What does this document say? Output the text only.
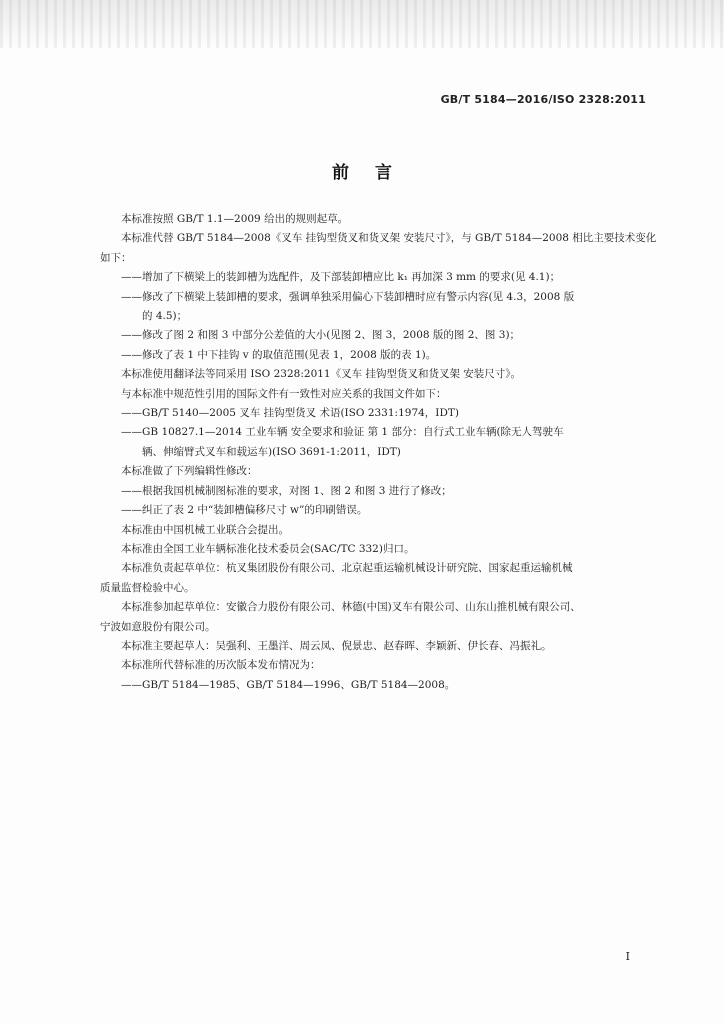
GB/T 5184—2016/ISO 2328:2011
前言

本标准按照 GB/T 1.1—2009 给出的规则起草。

本标准代替 GB/T 5184—2008《叉车 挂钩型货叉和货叉架 安装尺寸》，与 GB/T 5184—2008 相比主要技术变化如下：

——增加了下横梁上的装卸槽为选配件，及下部装卸槽应比 k₁ 再加深 3 mm 的要求(见 4.1)；

——修改了下横梁上装卸槽的要求，强调单独采用偏心下装卸槽时应有警示内容(见 4.3，2008 版

的 4.5)；

——修改了图 2 和图 3 中部分公差值的大小(见图 2、图 3，2008 版的图 2、图 3)；

——修改了表 1 中下挂钩 v 的取值范围(见表 1，2008 版的表 1)。

本标准使用翻译法等同采用 ISO 2328:2011《叉车 挂钩型货叉和货叉架 安装尺寸》。

与本标准中规范性引用的国际文件有一致性对应关系的我国文件如下：

——GB/T 5140—2005 叉车 挂钩型货叉 术语(ISO 2331:1974，IDT)

——GB 10827.1—2014 工业车辆 安全要求和验证 第 1 部分：自行式工业车辆(除无人驾驶车

辆、伸缩臂式叉车和载运车)(ISO 3691-1:2011，IDT)

本标准做了下列编辑性修改：

——根据我国机械制图标准的要求，对图 1、图 2 和图 3 进行了修改；

——纠正了表 2 中“装卸槽偏移尺寸 w”的印刷错误。

本标准由中国机械工业联合会提出。

本标准由全国工业车辆标准化技术委员会(SAC/TC 332)归口。

本标准负责起草单位：杭叉集团股份有限公司、北京起重运输机械设计研究院、国家起重运输机械

质量监督检验中心。

本标准参加起草单位：安徽合力股份有限公司、林德(中国)叉车有限公司、山东山推机械有限公司、

宁波如意股份有限公司。

本标准主要起草人：吴强利、王墨洋、周云凤、倪景忠、赵春晖、李颖新、伊长春、冯振礼。

本标准所代替标准的历次版本发布情况为：

——GB/T 5184—1985、GB/T 5184—1996、GB/T 5184—2008。

I
